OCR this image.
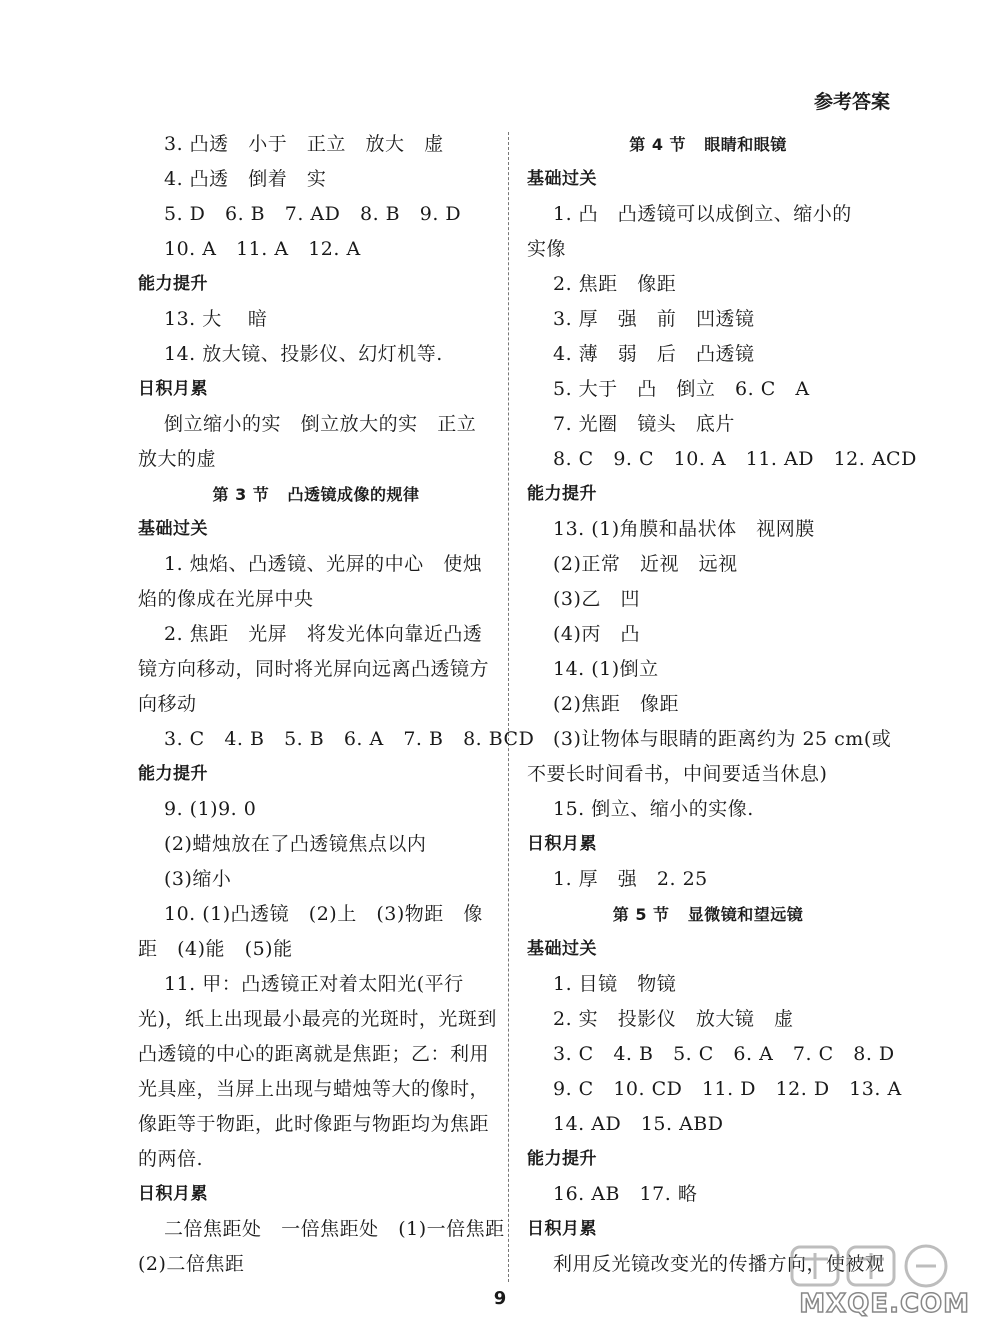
参考答案
3. 凸透   小于   正立   放大   虚
4. 凸透   倒着   实
5. D   6. B   7. AD   8. B   9. D
10. A   11. A   12. A
能力提升
13. 大    暗
14. 放大镜、投影仪、幻灯机等.
日积月累
倒立缩小的实   倒立放大的实   正立
放大的虚
第 3 节   凸透镜成像的规律
基础过关
1. 烛焰、凸透镜、光屏的中心   使烛
焰的像成在光屏中央
2. 焦距   光屏   将发光体向靠近凸透
镜方向移动，同时将光屏向远离凸透镜方
向移动
3. C   4. B   5. B   6. A   7. B   8. BCD
能力提升
9. (1)9. 0
(2)蜡烛放在了凸透镜焦点以内
(3)缩小
10. (1)凸透镜   (2)上   (3)物距   像
距   (4)能   (5)能
11. 甲：凸透镜正对着太阳光(平行
光)，纸上出现最小最亮的光斑时，光斑到
凸透镜的中心的距离就是焦距；乙：利用
光具座，当屏上出现与蜡烛等大的像时，
像距等于物距，此时像距与物距均为焦距
的两倍.
日积月累
二倍焦距处   一倍焦距处   (1)一倍焦距
(2)二倍焦距
第 4 节   眼睛和眼镜
基础过关
1. 凸   凸透镜可以成倒立、缩小的
实像
2. 焦距   像距
3. 厚   强   前   凹透镜
4. 薄   弱   后   凸透镜
5. 大于   凸   倒立   6. C   A
7. 光圈   镜头   底片
8. C   9. C   10. A   11. AD   12. ACD
能力提升
13. (1)角膜和晶状体   视网膜
(2)正常   近视   远视
(3)乙   凹
(4)丙   凸
14. (1)倒立
(2)焦距   像距
(3)让物体与眼睛的距离约为 25 cm(或
不要长时间看书，中间要适当休息)
15. 倒立、缩小的实像.
日积月累
1. 厚   强   2. 25
第 5 节   显微镜和望远镜
基础过关
1. 目镜   物镜
2. 实   投影仪   放大镜   虚
3. C   4. B   5. C   6. A   7. C   8. D
9. C   10. CD   11. D   12. D   13. A
14. AD   15. ABD
能力提升
16. AB   17. 略
日积月累
利用反光镜改变光的传播方向，使被观
9	MXQE.COM
